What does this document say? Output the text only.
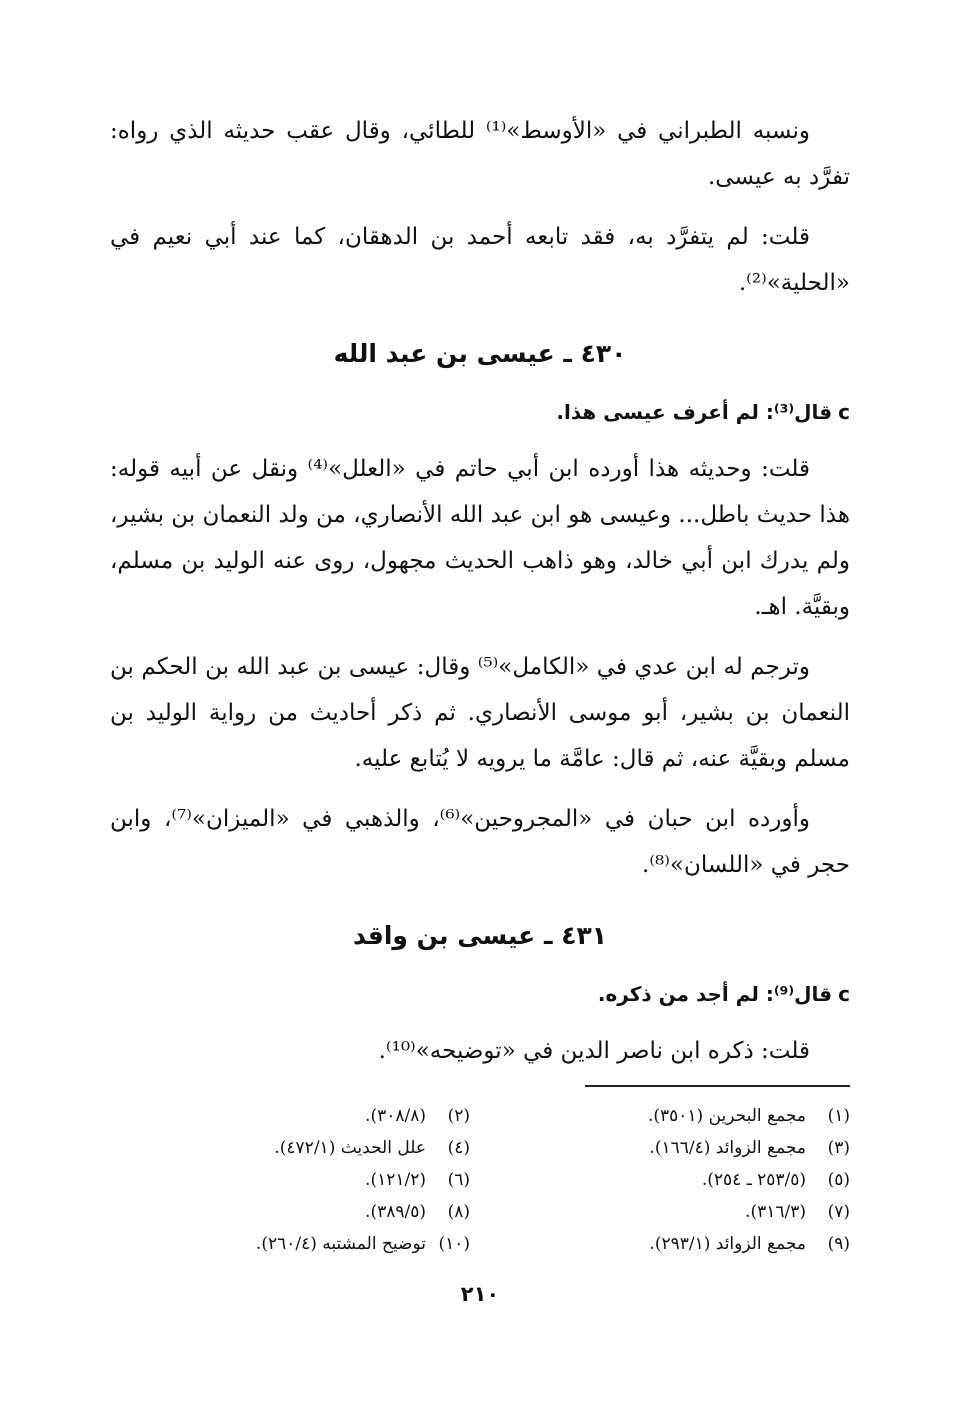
ونسبه الطبراني في «الأوسط»⁽¹⁾ للطائي، وقال عقب حديثه الذي رواه: تفرَّد به عيسى.

قلت: لم يتفرَّد به، فقد تابعه أحمد بن الدهقان، كما عند أبي نعيم في «الحلية»⁽²⁾.

٤٣٠ ـ عيسى بن عبد الله
cقال⁽³⁾: لم أعرف عيسى هذا.

قلت: وحديثه هذا أورده ابن أبي حاتم في «العلل»⁽⁴⁾ ونقل عن أبيه قوله: هذا حديث باطل... وعيسى هو ابن عبد الله الأنصاري، من ولد النعمان بن بشير، ولم يدرك ابن أبي خالد، وهو ذاهب الحديث مجهول، روى عنه الوليد بن مسلم، وبقيَّة. اهـ.

وترجم له ابن عدي في «الكامل»⁽⁵⁾ وقال: عيسى بن عبد الله بن الحكم بن النعمان بن بشير، أبو موسى الأنصاري. ثم ذكر أحاديث من رواية الوليد بن مسلم وبقيَّة عنه، ثم قال: عامَّة ما يرويه لا يُتابع عليه.

وأورده ابن حبان في «المجروحين»⁽⁶⁾، والذهبي في «الميزان»⁽⁷⁾، وابن حجر في «اللسان»⁽⁸⁾.

٤٣١ ـ عيسى بن واقد
cقال⁽⁹⁾: لم أجد من ذكره.

قلت: ذكره ابن ناصر الدين في «توضيحه»⁽¹⁰⁾.

(١)مجمع البحرين (٣٥٠١).
(٢)(٣٠٨/٨).
(٣)مجمع الزوائد (١٦٦/٤).
(٤)علل الحديث (٤٧٢/١).
(٥)(٢٥٣/٥ ـ ٢٥٤).
(٦)(١٢١/٢).
(٧)(٣١٦/٣).
(٨)(٣٨٩/٥).
(٩)مجمع الزوائد (٢٩٣/١).
(١٠)توضيح المشتبه (٢٦٠/٤).
٢١٠
